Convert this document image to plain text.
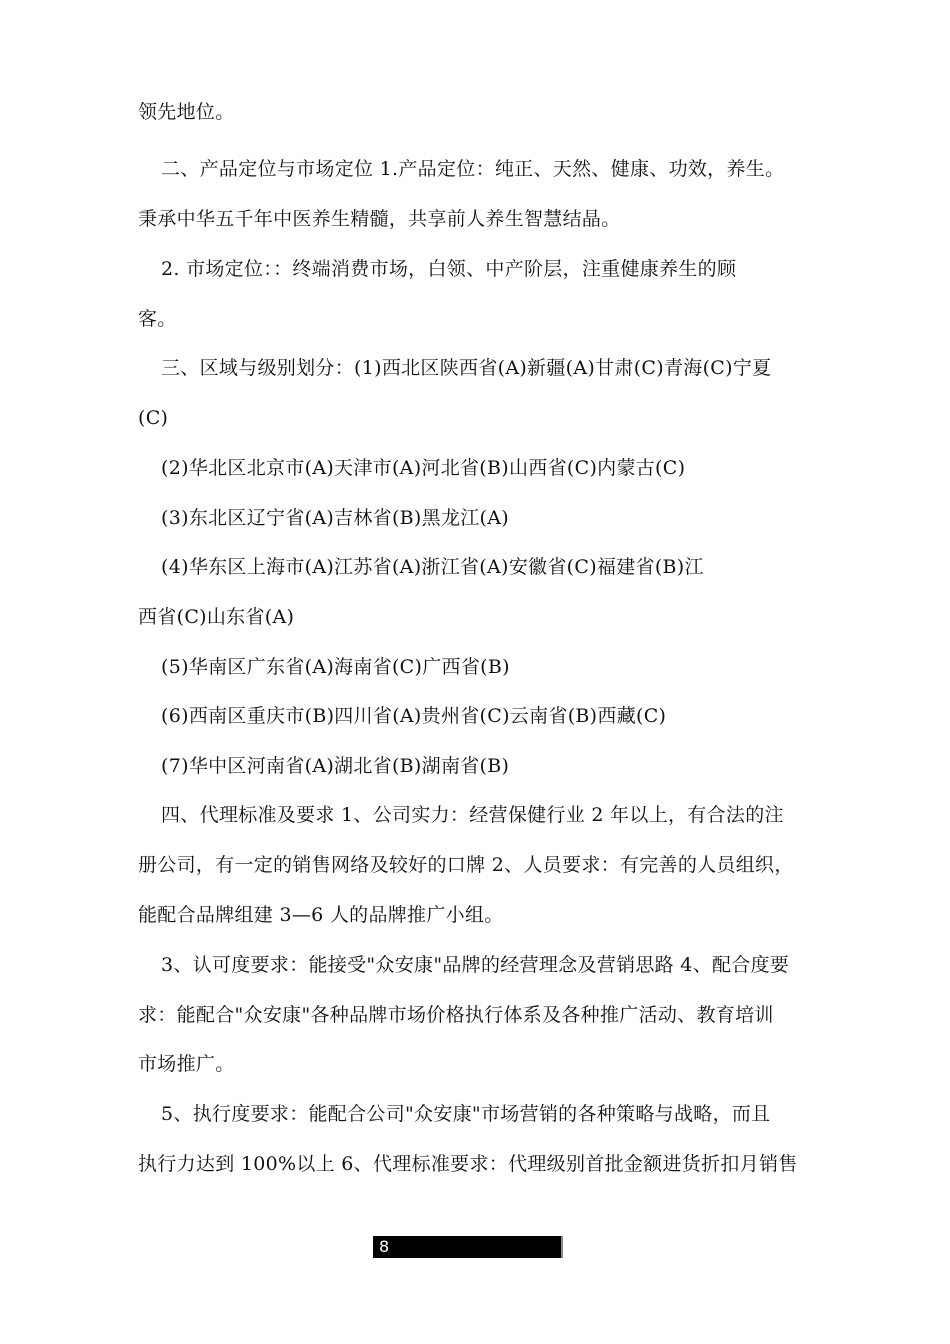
领先地位。
二、产品定位与市场定位 1.产品定位：纯正、天然、健康、功效，养生。
秉承中华五千年中医养生精髓，共享前人养生智慧结晶。
2. 市场定位：：终端消费市场，白领、中产阶层，注重健康养生的顾
客。
三、区域与级别划分：(1)西北区陕西省(A)新疆(A)甘肃(C)青海(C)宁夏
(C)
(2)华北区北京市(A)天津市(A)河北省(B)山西省(C)内蒙古(C)
(3)东北区辽宁省(A)吉林省(B)黑龙江(A)
(4)华东区上海市(A)江苏省(A)浙江省(A)安徽省(C)福建省(B)江
西省(C)山东省(A)
(5)华南区广东省(A)海南省(C)广西省(B)
(6)西南区重庆市(B)四川省(A)贵州省(C)云南省(B)西藏(C)
(7)华中区河南省(A)湖北省(B)湖南省(B)
四、代理标准及要求 1、公司实力：经营保健行业 2 年以上，有合法的注
册公司，有一定的销售网络及较好的口牌 2、人员要求：有完善的人员组织，
能配合品牌组建 3—6 人的品牌推广小组。
3、认可度要求：能接受"众安康"品牌的经营理念及营销思路 4、配合度要
求：能配合"众安康"各种品牌市场价格执行体系及各种推广活动、教育培训
市场推广。
5、执行度要求：能配合公司"众安康"市场营销的各种策略与战略，而且
执行力达到 100%以上 6、代理标准要求：代理级别首批金额进货折扣月销售
8
